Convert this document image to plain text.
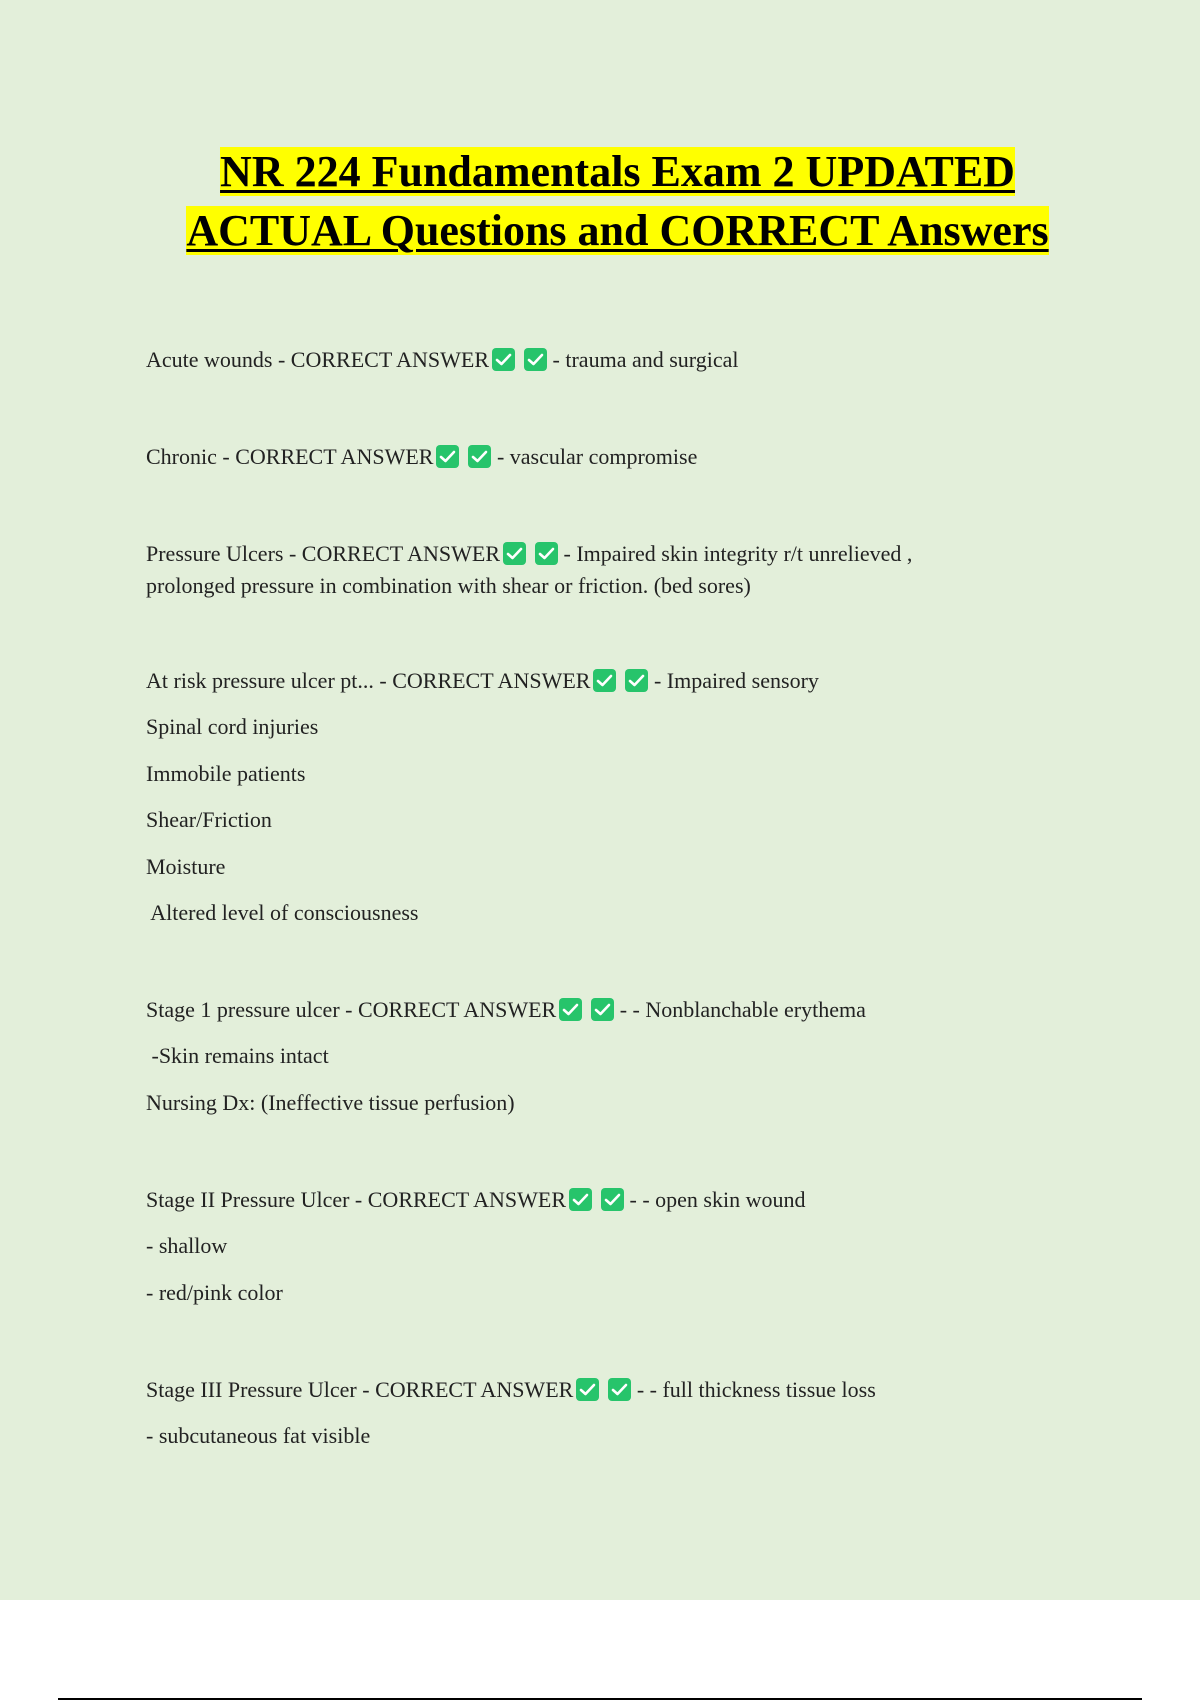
NR 224 Fundamentals Exam 2 UPDATED ACTUAL Questions and CORRECT Answers

Acute wounds - CORRECT ANSWER	- trauma and surgical

Chronic - CORRECT ANSWER	- vascular compromise

Pressure Ulcers - CORRECT ANSWER	- Impaired skin integrity r/t unrelieved ,

prolonged pressure in combination with shear or friction. (bed sores)

At risk pressure ulcer pt... - CORRECT ANSWER	- Impaired sensory

Spinal cord injuries

Immobile patients

Shear/Friction

Moisture

Altered level of consciousness

Stage 1 pressure ulcer - CORRECT ANSWER	- - Nonblanchable erythema

-Skin remains intact

Nursing Dx: (Ineffective tissue perfusion)

Stage II Pressure Ulcer - CORRECT ANSWER	- - open skin wound

- shallow

- red/pink color

Stage III Pressure Ulcer - CORRECT ANSWER	- - full thickness tissue loss

- subcutaneous fat visible
